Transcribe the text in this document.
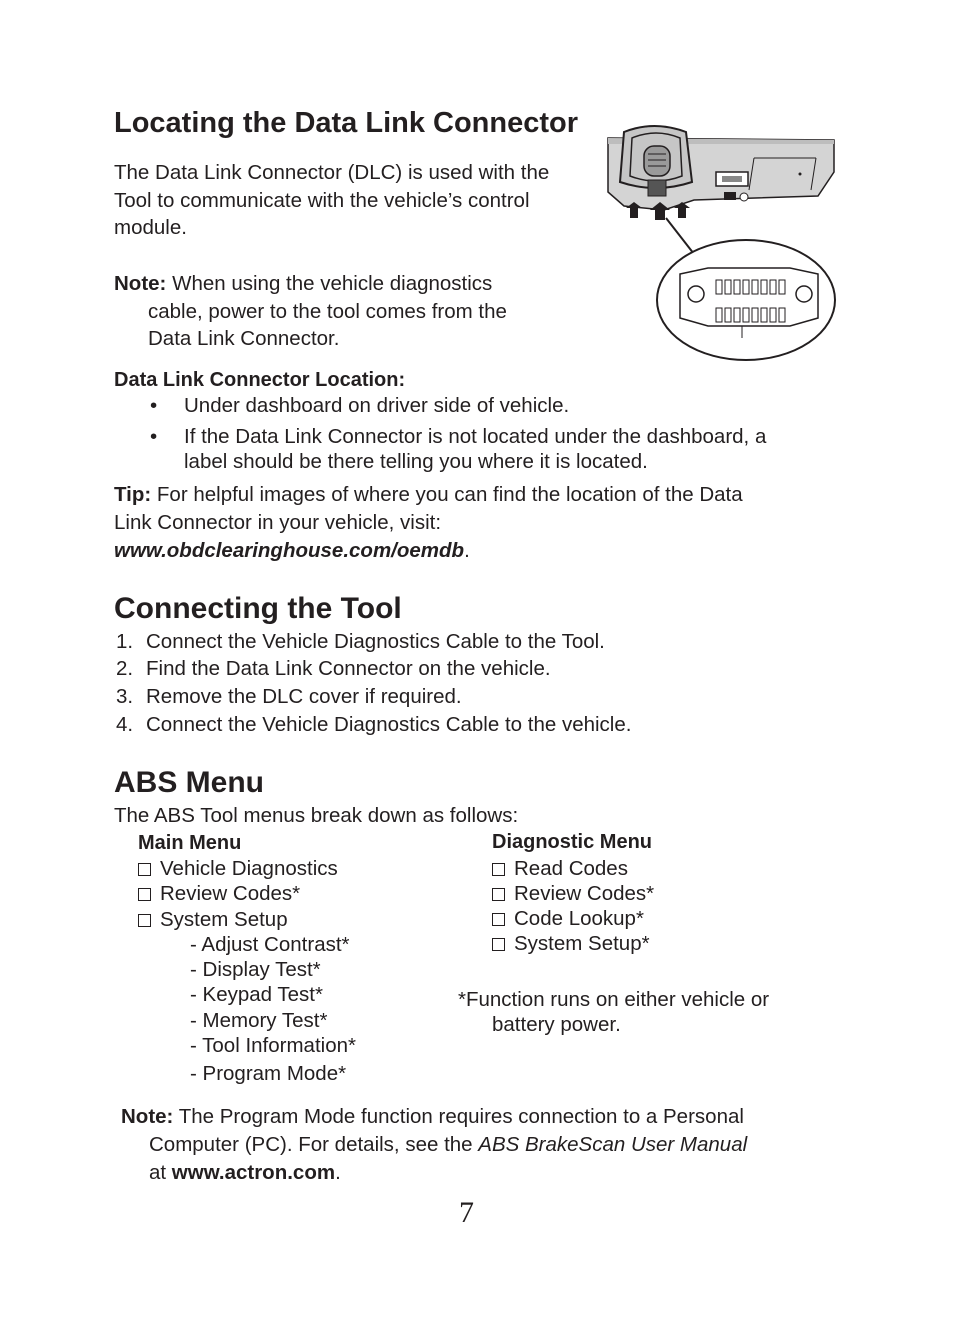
Locating the Data Link Connector
The Data Link Connector (DLC) is used with the
Tool to communicate with the vehicle’s control
module.
Note: When using the vehicle diagnostics
cable, power to the tool comes from the
Data Link Connector.
Data Link Connector Location:
• Under dashboard on driver side of vehicle.
• If the Data Link Connector is not located under the dashboard, a
label should be there telling you where it is located.
Tip: For helpful images of where you can find the location of the Data
Link Connector in your vehicle, visit:
www.obdclearinghouse.com/oemdb.
Connecting the Tool
1. Connect the Vehicle Diagnostics Cable to the Tool.
2. Find the Data Link Connector on the vehicle.
3. Remove the DLC cover if required.
4. Connect the Vehicle Diagnostics Cable to the vehicle.
ABS Menu
The ABS Tool menus break down as follows:
Main Menu
Vehicle Diagnostics
Review Codes*
System Setup
- Adjust Contrast*
- Display Test*
- Keypad Test*
- Memory Test*
- Tool Information*
- Program Mode*
Diagnostic Menu
Read Codes
Review Codes*
Code Lookup*
System Setup*
*Function runs on either vehicle or
battery power.
Note: The Program Mode function requires connection to a Personal
Computer (PC). For details, see the ABS BrakeScan User Manual
at www.actron.com.
7
